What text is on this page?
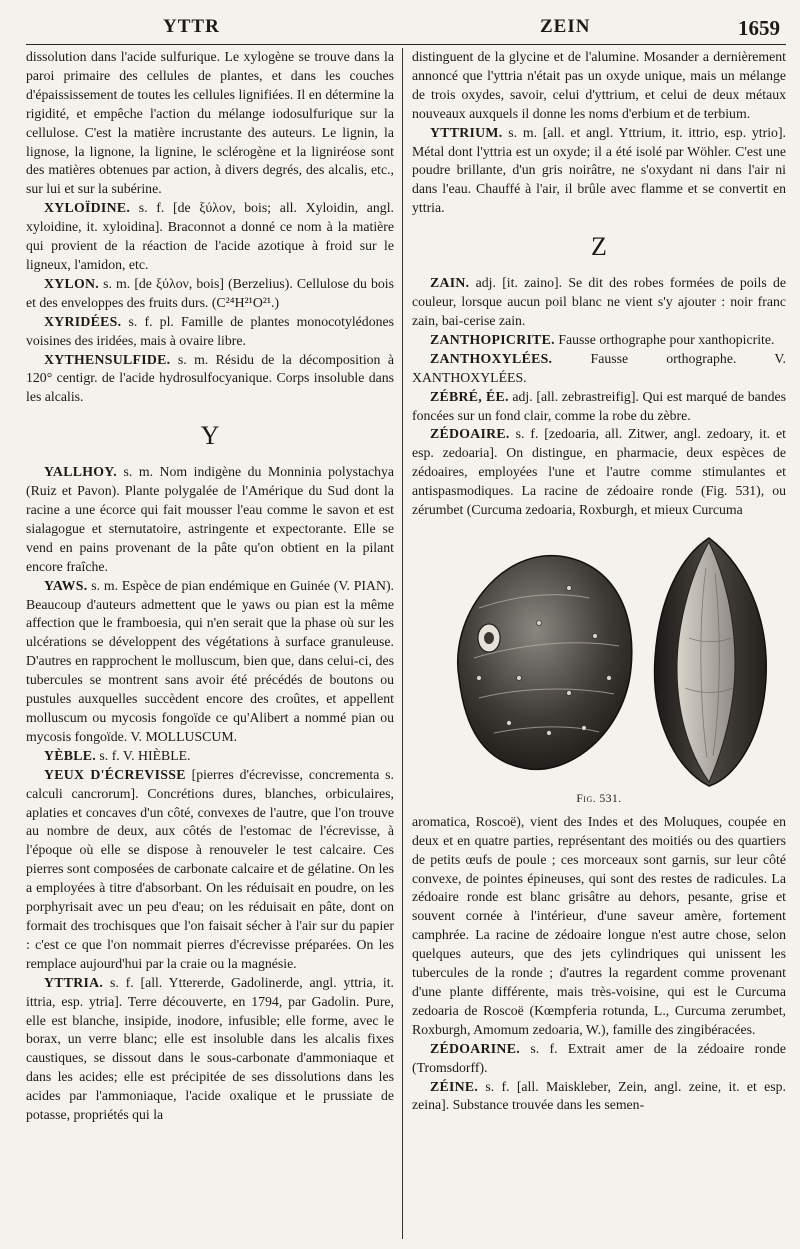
YTTR	ZEIN	1659

dissolution dans l'acide sulfurique. Le xylogène se trouve dans la paroi primaire des cellules de plantes, et dans les couches d'épaississement de toutes les cellules lignifiées. Il en détermine la rigidité, et empêche l'action du mélange iodosulfurique sur la cellulose. C'est la matière incrustante des auteurs. Le lignin, la lignose, la lignone, la lignine, le sclérogène et la ligniréose sont des matières obtenues par action, à divers degrés, des alcalis, etc., sur lui et sur la subérine.

XYLOÏDINE. s. f. [de ξύλον, bois; all. Xyloidin, angl. xyloidine, it. xyloidina]. Braconnot a donné ce nom à la matière qui provient de la réaction de l'acide azotique à froid sur le ligneux, l'amidon, etc.

XYLON. s. m. [de ξύλον, bois] (Berzelius). Cellulose du bois et des enveloppes des fruits durs. (C²⁴H²¹O²¹.)

XYRIDÉES. s. f. pl. Famille de plantes monocotylédones voisines des iridées, mais à ovaire libre.

XYTHENSULFIDE. s. m. Résidu de la décomposition à 120° centigr. de l'acide hydrosulfocyanique. Corps insoluble dans les alcalis.

Y

YALLHOY. s. m. Nom indigène du Monninia polystachya (Ruiz et Pavon). Plante polygalée de l'Amérique du Sud dont la racine a une écorce qui fait mousser l'eau comme le savon et est sialagogue et sternutatoire, astringente et expectorante. Elle se vend en pains provenant de la pâte qu'on obtient en la pilant encore fraîche.

YAWS. s. m. Espèce de pian endémique en Guinée (V. PIAN). Beaucoup d'auteurs admettent que le yaws ou pian est la même affection que le framboesia, qui n'en serait que la phase où sur les ulcérations se développent des végétations à surface granuleuse. D'autres en rapprochent le molluscum, bien que, dans celui-ci, des tubercules se montrent sans avoir été précédés de boutons ou pustules auxquelles succèdent encore des croûtes, et appellent molluscum ou mycosis fongoïde ce qu'Alibert a nommé pian ou mycosis fongoïde. V. MOLLUSCUM.

YÈBLE. s. f. V. HIÈBLE.

YEUX D'ÉCREVISSE [pierres d'écrevisse, concrementa s. calculi cancrorum]. Concrétions dures, blanches, orbiculaires, aplaties et concaves d'un côté, convexes de l'autre, que l'on trouve au nombre de deux, aux côtés de l'estomac de l'écrevisse, à l'époque où elle se dispose à renouveler le test calcaire. Ces pierres sont composées de carbonate calcaire et de gélatine. On les a employées à titre d'absorbant. On les réduisait en poudre, on les porphyrisait avec un peu d'eau; on les réduisait en pâte, dont on formait des trochisques que l'on faisait sécher à l'air sur du papier : c'est ce que l'on nommait pierres d'écrevisse préparées. On les remplace aujourd'hui par la craie ou la magnésie.

YTTRIA. s. f. [all. Yttererde, Gadolinerde, angl. yttria, it. ittria, esp. ytria]. Terre découverte, en 1794, par Gadolin. Pure, elle est blanche, insipide, inodore, infusible; elle forme, avec le borax, un verre blanc; elle est insoluble dans les alcalis fixes caustiques, se dissout dans le sous-carbonate d'ammoniaque et dans les acides; elle est précipitée de ses dissolutions dans les acides par l'ammoniaque, l'acide oxalique et le prussiate de potasse, propriétés qui la

distinguent de la glycine et de l'alumine. Mosander a dernièrement annoncé que l'yttria n'était pas un oxyde unique, mais un mélange de trois oxydes, savoir, celui d'yttrium, et celui de deux métaux nouveaux auxquels il donne les noms d'erbium et de terbium.

YTTRIUM. s. m. [all. et angl. Yttrium, it. ittrio, esp. ytrio]. Métal dont l'yttria est un oxyde; il a été isolé par Wöhler. C'est une poudre brillante, d'un gris noirâtre, ne s'oxydant ni dans l'air ni dans l'eau. Chauffé à l'air, il brûle avec flamme et se convertit en yttria.

Z

ZAIN. adj. [it. zaino]. Se dit des robes formées de poils de couleur, lorsque aucun poil blanc ne vient s'y ajouter : noir franc zain, bai-cerise zain.

ZANTHOPICRITE. Fausse orthographe pour xanthopicrite.

ZANTHOXYLÉES.	Fausse orthographe. V. XANTHOXYLÉES.

ZÉBRÉ, ÉE. adj. [all. zebrastreifig]. Qui est marqué de bandes foncées sur un fond clair, comme la robe du zèbre.

ZÉDOAIRE. s. f. [zedoaria, all. Zitwer, angl. zedoary, it. et esp. zedoaria]. On distingue, en pharmacie, deux espèces de zédoaires, employées l'une et l'autre comme stimulantes et antispasmodiques. La racine de zédoaire ronde (Fig. 531), ou zérumbet (Curcuma zedoaria, Roxburgh, et mieux Curcuma

Fig. 531.

aromatica, Roscoë), vient des Indes et des Moluques, coupée en deux et en quatre parties, représentant des moitiés ou des quartiers de petits œufs de poule ; ces morceaux sont garnis, sur leur côté convexe, de pointes épineuses, qui sont des restes de radicules. La zédoaire ronde est blanc grisâtre au dehors, pesante, grise et souvent cornée à l'intérieur, d'une saveur amère, fortement camphrée. La racine de zédoaire longue n'est autre chose, selon quelques auteurs, que des jets cylindriques qui unissent les tubercules de la ronde ; d'autres la regardent comme provenant d'une plante différente, mais très-voisine, qui est le Curcuma zedoaria de Roscoë (Kœmpferia rotunda, L., Curcuma zerumbet, Roxburgh, Amomum zedoaria, W.), famille des zingibéracées.

ZÉDOARINE. s. f. Extrait amer de la zédoaire ronde (Tromsdorff).

ZÉINE. s. f. [all. Maiskleber, Zein, angl. zeine, it. et esp. zeina]. Substance trouvée dans les semen-
